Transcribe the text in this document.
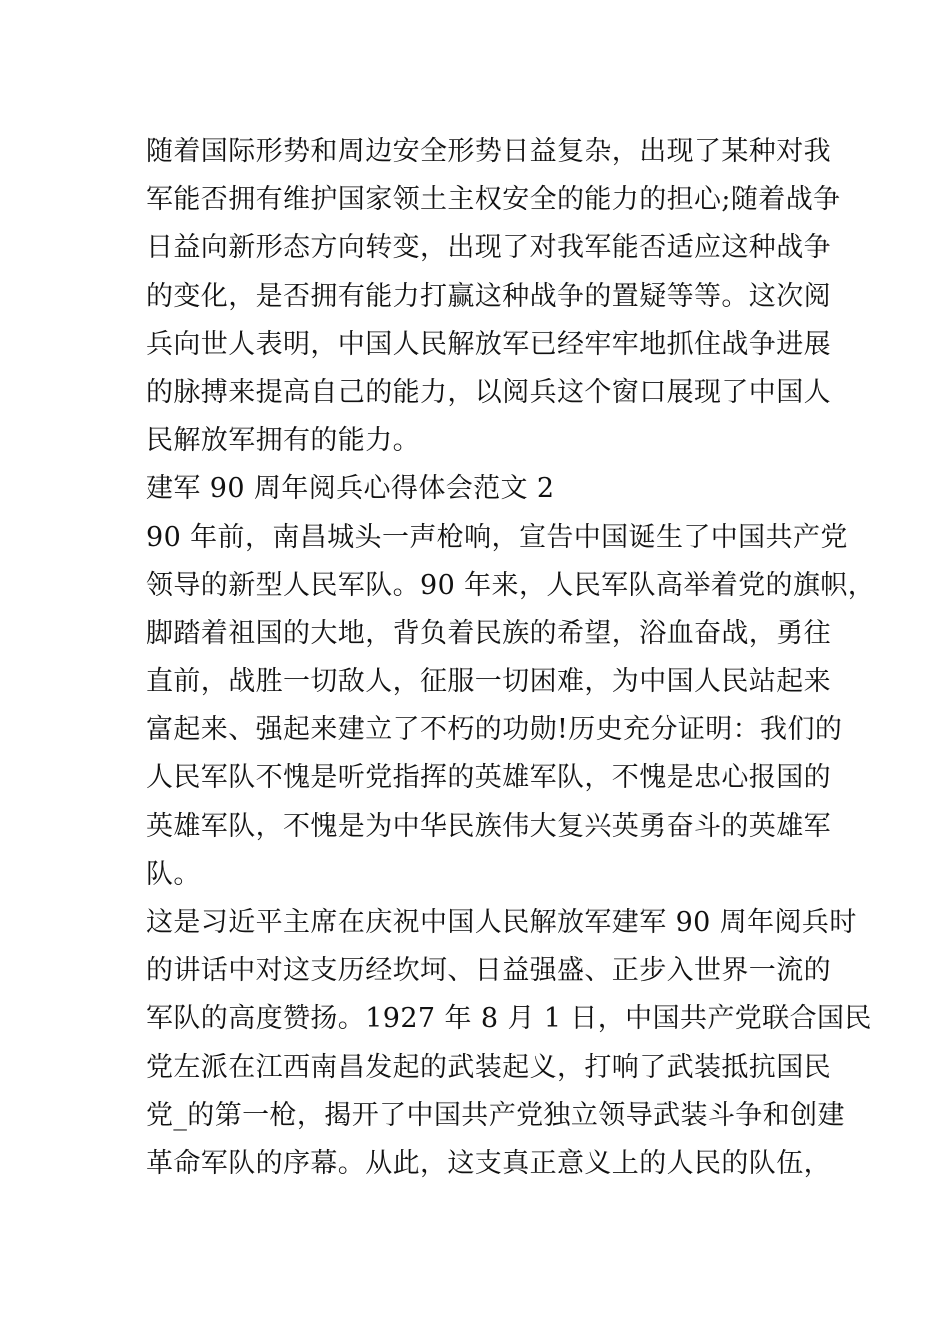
随着国际形势和周边安全形势日益复杂，出现了某种对我
军能否拥有维护国家领土主权安全的能力的担心;随着战争
日益向新形态方向转变，出现了对我军能否适应这种战争
的变化，是否拥有能力打赢这种战争的置疑等等。这次阅
兵向世人表明，中国人民解放军已经牢牢地抓住战争进展
的脉搏来提高自己的能力，以阅兵这个窗口展现了中国人
民解放军拥有的能力。
建军 90 周年阅兵心得体会范文 2
90 年前，南昌城头一声枪响，宣告中国诞生了中国共产党
领导的新型人民军队。90 年来，人民军队高举着党的旗帜，
脚踏着祖国的大地，背负着民族的希望，浴血奋战，勇往
直前，战胜一切敌人，征服一切困难，为中国人民站起来
富起来、强起来建立了不朽的功勋!历史充分证明：我们的
人民军队不愧是听党指挥的英雄军队，不愧是忠心报国的
英雄军队，不愧是为中华民族伟大复兴英勇奋斗的英雄军
队。
这是习近平主席在庆祝中国人民解放军建军 90 周年阅兵时
的讲话中对这支历经坎坷、日益强盛、正步入世界一流的
军队的高度赞扬。1927 年 8 月 1 日，中国共产党联合国民
党左派在江西南昌发起的武装起义，打响了武装抵抗国民
党_的第一枪，揭开了中国共产党独立领导武装斗争和创建
革命军队的序幕。从此，这支真正意义上的人民的队伍，
